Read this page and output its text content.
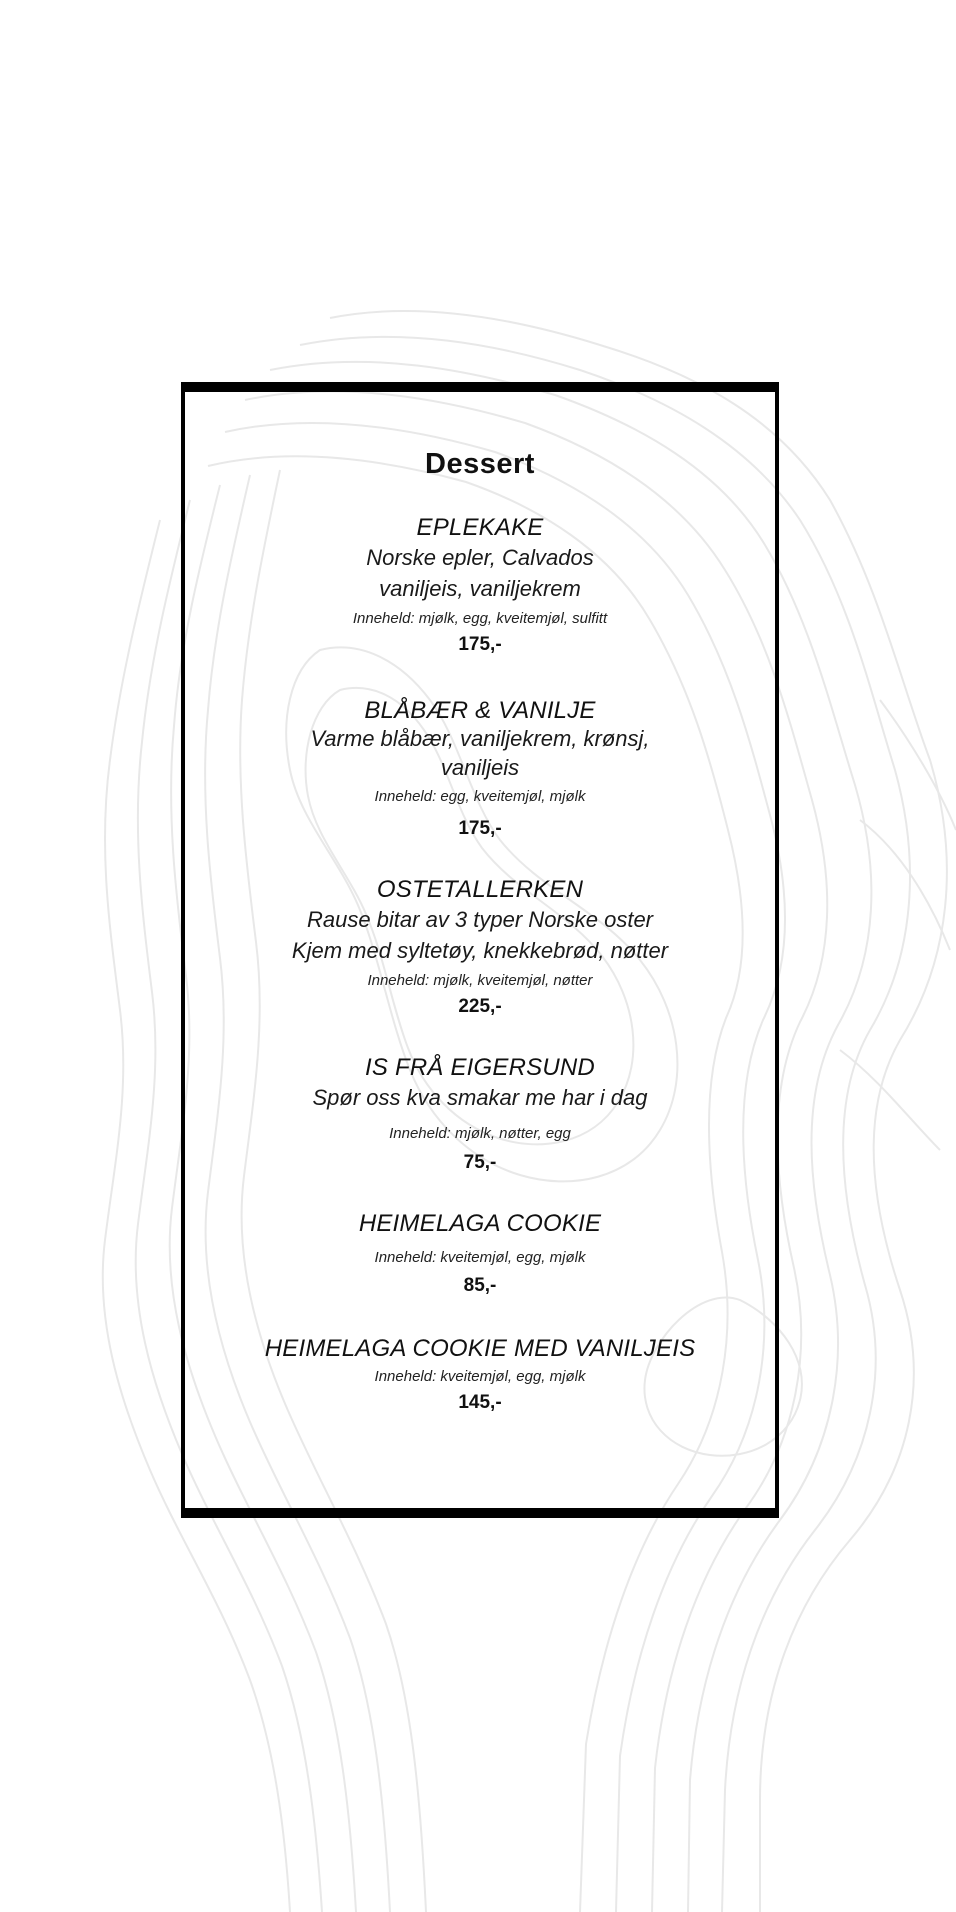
Dessert
EPLEKAKE
Norske epler, Calvados
vaniljeis, vaniljekrem
Inneheld: mjølk, egg, kveitemjøl, sulfitt
175,-
BLÅBÆR & VANILJE
Varme blåbær, vaniljekrem, krønsj,
vaniljeis
Inneheld: egg, kveitemjøl, mjølk
175,-
OSTETALLERKEN
Rause bitar av 3 typer Norske oster
Kjem med syltetøy, knekkebrød, nøtter
Inneheld: mjølk, kveitemjøl, nøtter
225,-
IS FRÅ EIGERSUND
Spør oss kva smakar me har i dag
Inneheld: mjølk, nøtter, egg
75,-
HEIMELAGA COOKIE
Inneheld: kveitemjøl, egg, mjølk
85,-
HEIMELAGA COOKIE MED VANILJEIS
Inneheld: kveitemjøl, egg, mjølk
145,-
